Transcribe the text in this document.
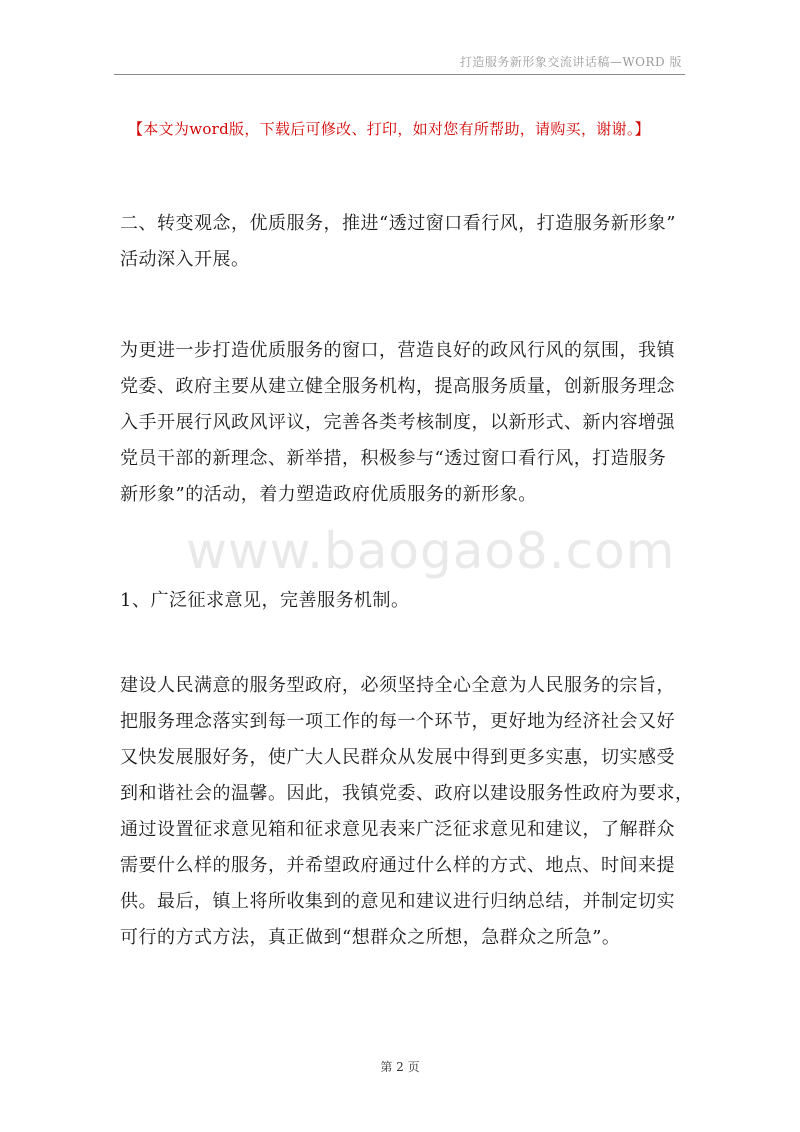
打造服务新形象交流讲话稿—WORD 版
【本文为word版，下载后可修改、打印，如对您有所帮助，请购买，谢谢。】
二、转变观念，优质服务，推进“透过窗口看行风，打造服务新形象”
活动深入开展。
为更进一步打造优质服务的窗口，营造良好的政风行风的氛围，我镇
党委、政府主要从建立健全服务机构，提高服务质量，创新服务理念
入手开展行风政风评议，完善各类考核制度，以新形式、新内容增强
党员干部的新理念、新举措，积极参与“透过窗口看行风，打造服务
新形象”的活动，着力塑造政府优质服务的新形象。
www.baogao8.com
1、广泛征求意见，完善服务机制。
建设人民满意的服务型政府，必须坚持全心全意为人民服务的宗旨，
把服务理念落实到每一项工作的每一个环节，更好地为经济社会又好
又快发展服好务，使广大人民群众从发展中得到更多实惠，切实感受
到和谐社会的温馨。因此，我镇党委、政府以建设服务性政府为要求，
通过设置征求意见箱和征求意见表来广泛征求意见和建议，了解群众
需要什么样的服务，并希望政府通过什么样的方式、地点、时间来提
供。最后，镇上将所收集到的意见和建议进行归纳总结，并制定切实
可行的方式方法，真正做到“想群众之所想，急群众之所急”。
第 2 页
